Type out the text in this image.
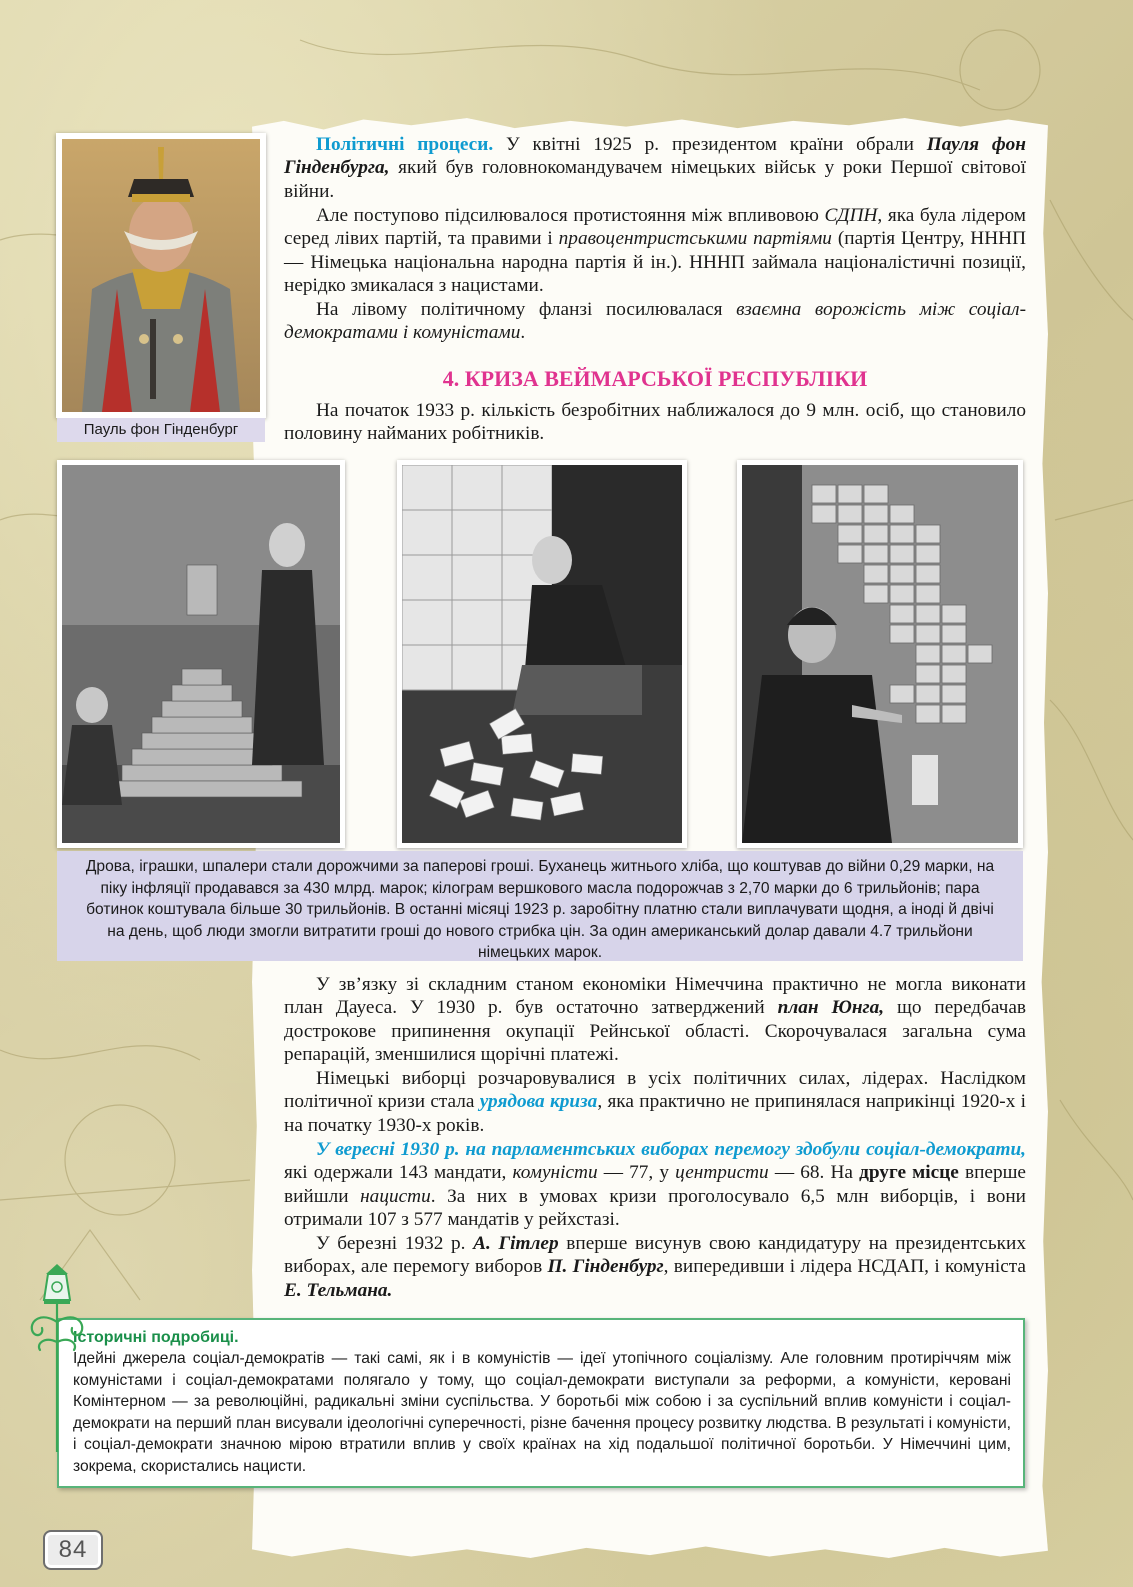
Пауль фон Гінденбург

Політичні процеси. У квітні 1925 р. президентом країни обрали Пауля фон Гінденбурга, який був головнокомандувачем німецьких військ у роки Першої світової війни.

Але поступово підсилювалося протистояння між впливовою СДПН, яка була лідером серед лівих партій, та правими і правоцентристськими партіями (партія Центру, НННП — Німецька національна народна партія й ін.). НННП займала націоналістичні позиції, нерідко змикалася з нацистами.

На лівому політичному фланзі посилювалася взаємна ворожість між соціал-демократами і комуністами.

4. КРИЗА ВЕЙМАРСЬКОЇ РЕСПУБЛІКИ

На початок 1933 р. кількість безробітних наближалося до 9 млн. осіб, що становило половину найманих робітників.

Дрова, іграшки, шпалери стали дорожчими за паперові гроші. Буханець житнього хліба, що коштував до війни 0,29 марки, на піку інфляції продавався за 430 млрд. марок; кілограм вершкового масла подорожчав з 2,70 марки до 6 трильйонів; пара ботинок коштувала більше 30 трильйонів. В останні місяці 1923 р. заробітну платню стали виплачувати щодня, а іноді й двічі на день, щоб люди змогли витратити гроші до нового стрибка цін. За один американський долар давали 4.7 трильйони німецьких марок.

У зв’язку зі складним станом економіки Німеччина практично не могла виконати план Дауеса. У 1930 р. був остаточно затверджений план Юнга, що передбачав дострокове припинення окупації Рейнської області. Скорочувалася загальна сума репарацій, зменшилися щорічні платежі.

Німецькі виборці розчаровувалися в усіх політичних силах, лідерах. Наслідком політичної кризи стала урядова криза, яка практично не припинялася наприкінці 1920-х і на початку 1930-х років.

У вересні 1930 р. на парламентських виборах перемогу здобули соціал-демократи, які одержали 143 мандати, комуністи — 77, у центристи — 68. На друге місце вперше вийшли нацисти. За них в умовах кризи проголосувало 6,5 млн виборців, і вони отримали 107 з 577 мандатів у рейхстазі.

У березні 1932 р. А. Гітлер вперше висунув свою кандидатуру на президентських виборах, але перемогу виборов П. Гінденбург, випередивши і лідера НСДАП, і комуніста Е. Тельмана.

Історичні подробиці.
Ідейні джерела соціал-демократів — такі самі, як і в комуністів — ідеї утопічного соціалізму. Але головним протиріччям між комуністами і соціал-демократами полягало у тому, що соціал-демократи виступали за реформи, а комуністи, керовані Комінтерном — за революційні, радикальні зміни суспільства. У боротьбі між собою і за суспільний вплив комуністи і соціал-демократи на перший план висували ідеологічні суперечності, різне бачення процесу розвитку людства. В результаті і комуністи, і соціал-демократи значною мірою втратили вплив у своїх країнах на хід подальшої політичної боротьби. У Німеччині цим, зокрема, скористались нацисти.
84
